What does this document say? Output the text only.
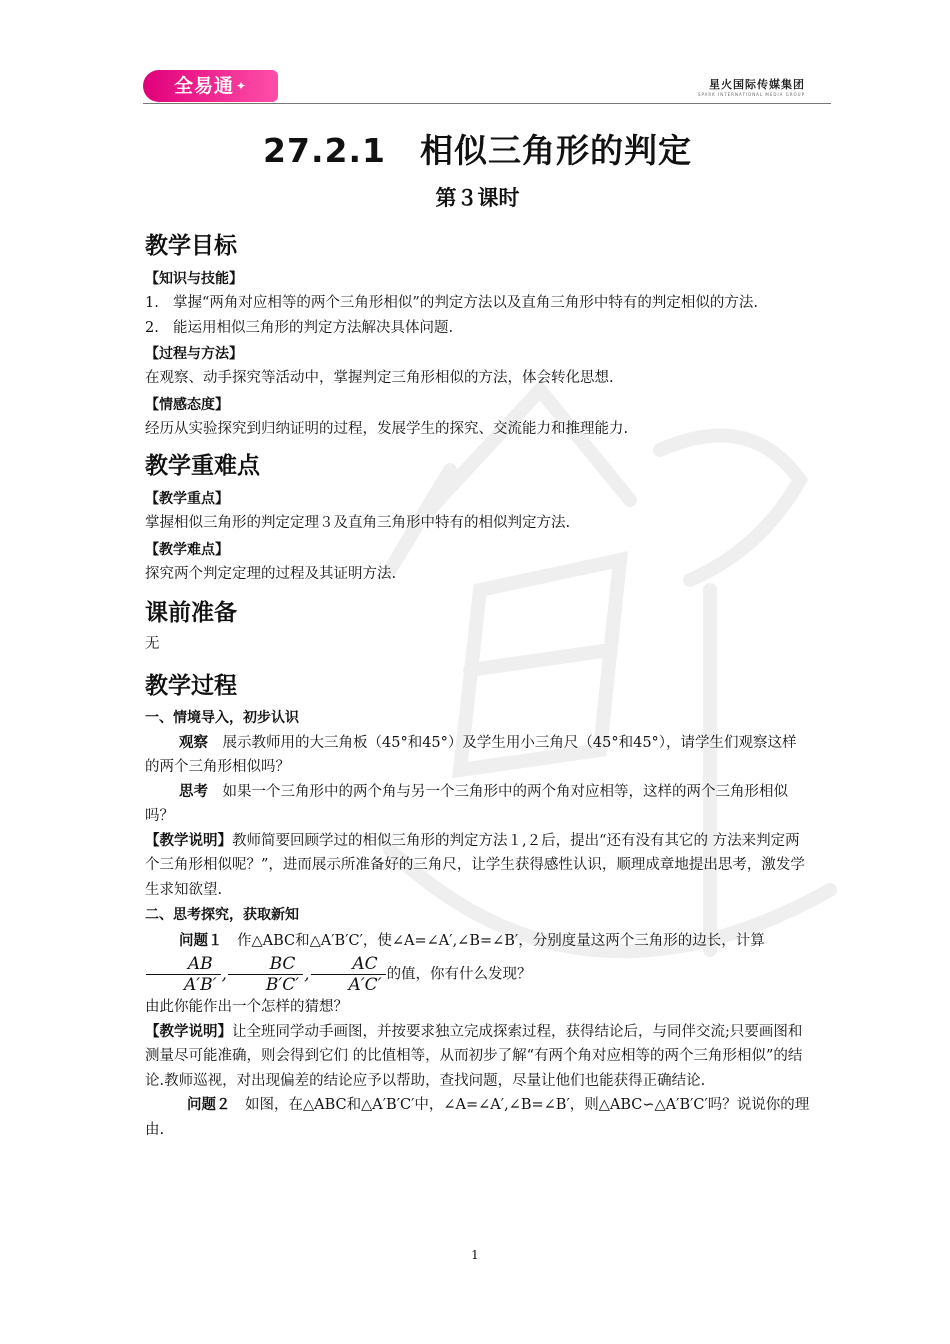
全易通 ✦	星火国际传媒集团
SPARK INTERNATIONAL MEDIA GROUP
27.2.1　相似三角形的判定
第３课时
教学目标
【知识与技能】
1. 掌握“两角对应相等的两个三角形相似”的判定方法以及直角三角形中特有的判定相似的方法.

2. 能运用相似三角形的判定方法解决具体问题.

【过程与方法】

在观察、动手探究等活动中，掌握判定三角形相似的方法，体会转化思想.

【情感态度】

经历从实验探究到归纳证明的过程，发展学生的探究、交流能力和推理能力.

教学重难点
【教学重点】

掌握相似三角形的判定定理３及直角三角形中特有的相似判定方法.

【教学难点】

探究两个判定定理的过程及其证明方法.

课前准备

无

教学过程
一、情境导入，初步认识

观察　 展示教师用的大三角板（45°和45°）及学生用小三角尺（45°和45°），请学生们观察这样的两个三角形相似吗？

思考　 如果一个三角形中的两个角与另一个三角形中的两个角对应相等，这样的两个三角形相似吗？

【教学说明】教师简要回顾学过的相似三角形的判定方法１,２后，提出“还有没有其它的 方法来判定两个三角形相似呢？”，进而展示所准备好的三角尺，让学生获得感性认识，顺理成章地提出思考，激发学生求知欲望.

二、思考探究，获取新知

问题１　 作△ABC和△A′B′C′，使∠A=∠A′,∠B=∠B′，分别度量这两个三角形的边长，计算
$\frac{AB}{A'B'}$ , $\frac{BC}{B'C'}$ , $\frac{AC}{A'C'}$ 的值，你有什么发现？

由此你能作出一个怎样的猜想？

【教学说明】让全班同学动手画图，并按要求独立完成探索过程，获得结论后，与同伴交流;只要画图和测量尽可能准确，则会得到它们 的比值相等，从而初步了解“有两个角对应相等的两个三角形相似”的结论.教师巡视，对出现偏差的结论应予以帮助，查找问题，尽量让他们也能获得正确结论.

问题２　 如图，在△ABC和△A′B′C′中，∠A=∠A′,∠B=∠B′，则△ABC∽△A′B′C′吗？说说你的理由.

1
